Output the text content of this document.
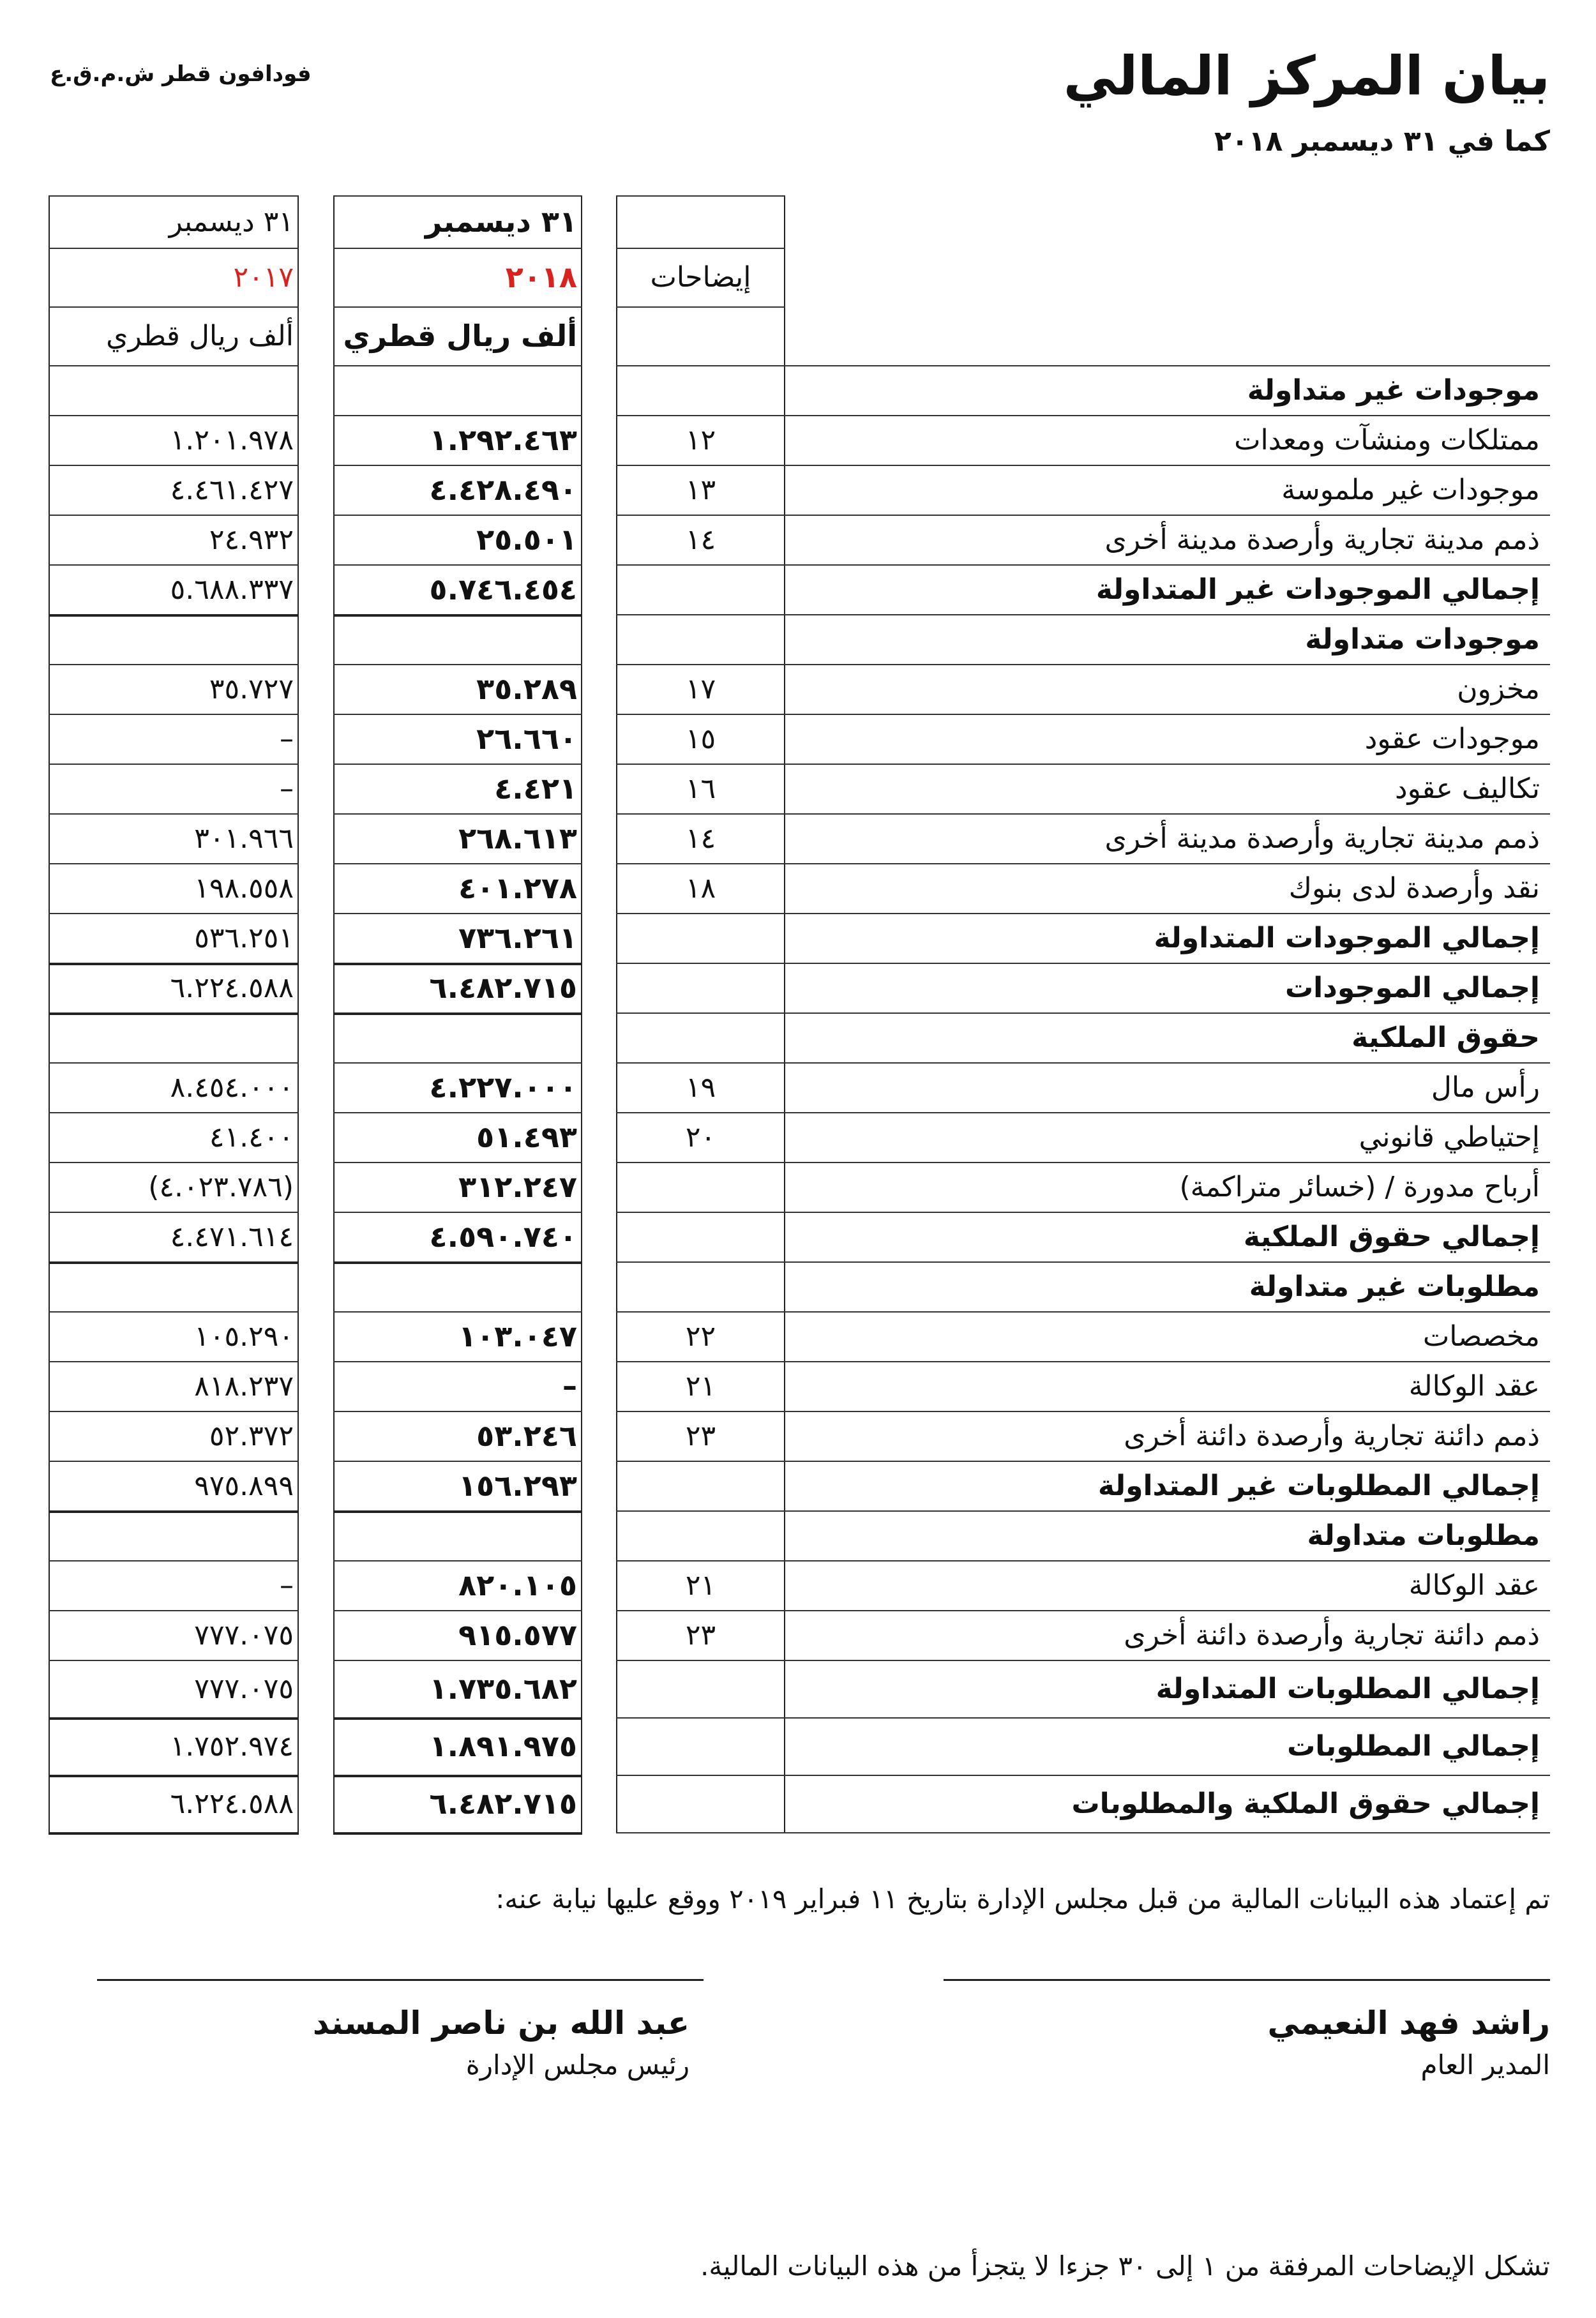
فودافون قطر ش.م.ق.ع	بيان المركز المالي
كما في ٣١ ديسمبر ٢٠١٨
٣١ ديسمبر
٣١ ديسمبر
إيضاحات
٢٠١٨
٢٠١٧
ألف ريال قطري
ألف ريال قطري
موجودات غير متداولة
ممتلكات ومنشآت ومعدات
١٢
١.٢٩٢.٤٦٣
١.٢٠١.٩٧٨
موجودات غير ملموسة
١٣
٤.٤٢٨.٤٩٠
٤.٤٦١.٤٢٧
ذمم مدينة تجارية وأرصدة مدينة أخرى
١٤
٢٥.٥٠١
٢٤.٩٣٢
إجمالي الموجودات غير المتداولة
٥.٧٤٦.٤٥٤
٥.٦٨٨.٣٣٧
موجودات متداولة
مخزون
١٧
٣٥.٢٨٩
٣٥.٧٢٧
موجودات عقود
١٥
٢٦.٦٦٠
–
تكاليف عقود
١٦
٤.٤٢١
–
ذمم مدينة تجارية وأرصدة مدينة أخرى
١٤
٢٦٨.٦١٣
٣٠١.٩٦٦
نقد وأرصدة لدى بنوك
١٨
٤٠١.٢٧٨
١٩٨.٥٥٨
إجمالي الموجودات المتداولة
٧٣٦.٢٦١
٥٣٦.٢٥١
إجمالي الموجودات
٦.٤٨٢.٧١٥
٦.٢٢٤.٥٨٨
حقوق الملكية
رأس مال
١٩
٤.٢٢٧.٠٠٠
٨.٤٥٤.٠٠٠
إحتياطي قانوني
٢٠
٥١.٤٩٣
٤١.٤٠٠
أرباح مدورة / (خسائر متراكمة)
٣١٢.٢٤٧
(٤.٠٢٣.٧٨٦)
إجمالي حقوق الملكية
٤.٥٩٠.٧٤٠
٤.٤٧١.٦١٤
مطلوبات غير متداولة
مخصصات
٢٢
١٠٣.٠٤٧
١٠٥.٢٩٠
عقد الوكالة
٢١
–
٨١٨.٢٣٧
ذمم دائنة تجارية وأرصدة دائنة أخرى
٢٣
٥٣.٢٤٦
٥٢.٣٧٢
إجمالي المطلوبات غير المتداولة
١٥٦.٢٩٣
٩٧٥.٨٩٩
مطلوبات متداولة
عقد الوكالة
٢١
٨٢٠.١٠٥
–
ذمم دائنة تجارية وأرصدة دائنة أخرى
٢٣
٩١٥.٥٧٧
٧٧٧.٠٧٥
إجمالي المطلوبات المتداولة
١.٧٣٥.٦٨٢
٧٧٧.٠٧٥
إجمالي المطلوبات
١.٨٩١.٩٧٥
١.٧٥٢.٩٧٤
إجمالي حقوق الملكية والمطلوبات
٦.٤٨٢.٧١٥
٦.٢٢٤.٥٨٨
تم إعتماد هذه البيانات المالية من قبل مجلس الإدارة بتاريخ ١١ فبراير ٢٠١٩ ووقع عليها نيابة عنه:
راشد فهد النعيمي
المدير العام
عبد الله بن ناصر المسند
رئيس مجلس الإدارة
تشكل الإيضاحات المرفقة من ١ إلى ٣٠ جزءا لا يتجزأ من هذه البيانات المالية.
